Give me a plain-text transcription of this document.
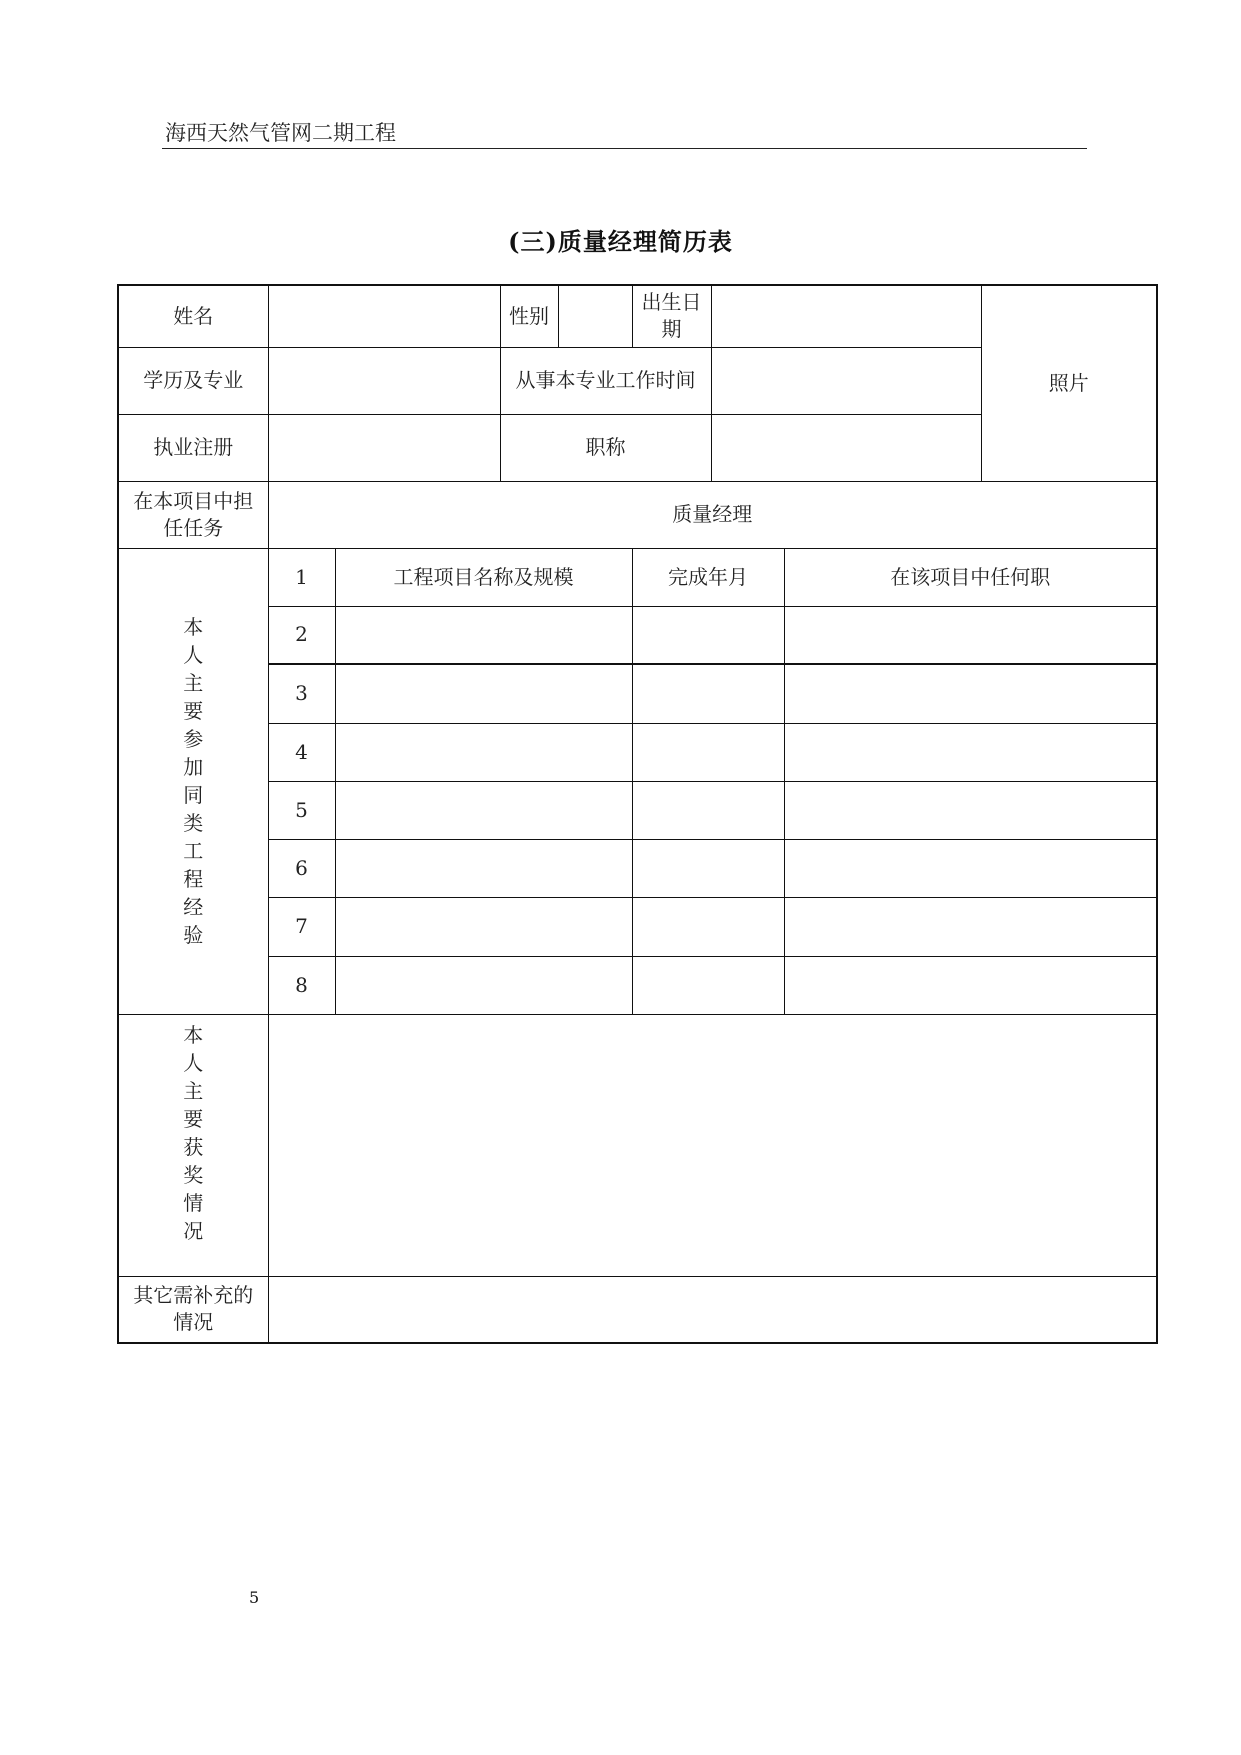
海西天然气管网二期工程
(三)质量经理简历表
姓名			性别		出生日期			照片
学历及专业			从事本专业工作时间					
执业注册			职称					
在本项目中担任任务	质量经理							
本人主要参加同类工程经验	1	工程项目名称及规模			完成年月		在该项目中任何职	
	2							
	3							
	4							
	5							
	6							
	7							
	8							
本人主要获奖情况								
其它需补充的情况								
5
